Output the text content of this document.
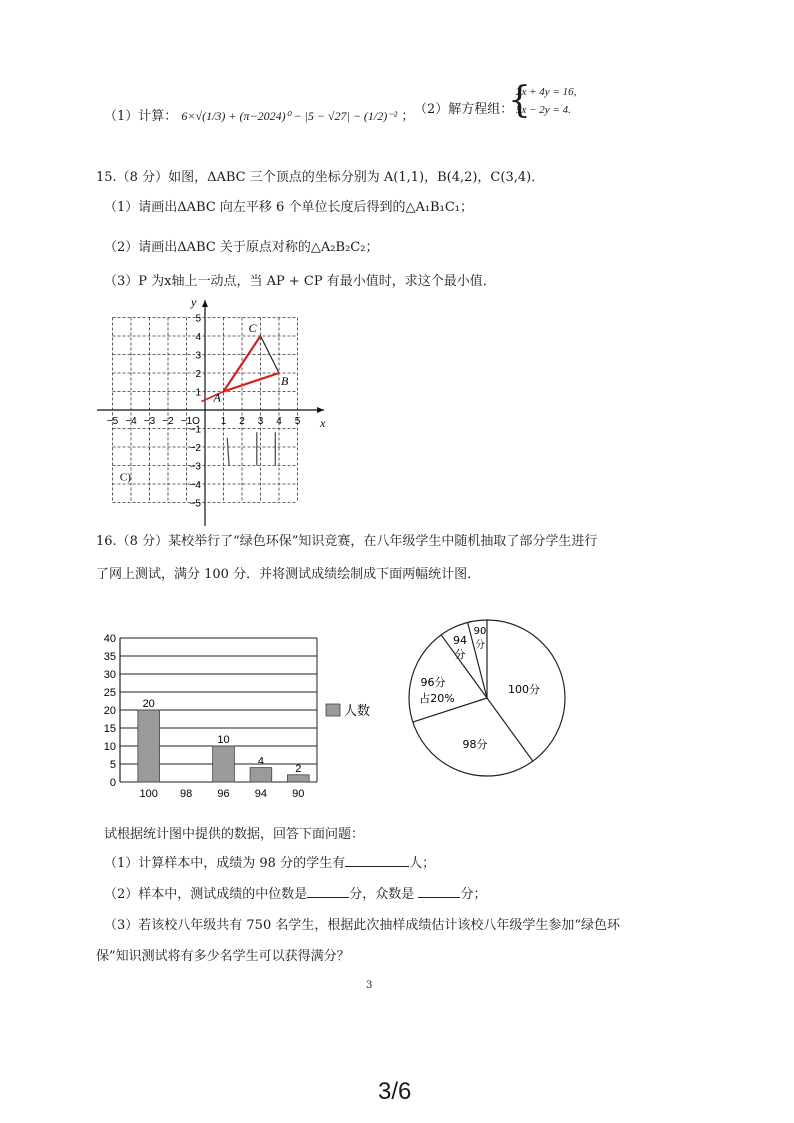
（1）计算： 6×√(1/3) + (π−2024)⁰ − |5 − √27| − (1/2)⁻² ； （2）解方程组：
{
2x + 4y = 16,
5x − 2y = 4.
15.（8 分）如图，ΔABC 三个顶点的坐标分别为 A(1,1)，B(4,2)，C(3,4)．
（1）请画出ΔABC 向左平移 6 个单位长度后得到的△A₁B₁C₁；
（2）请画出ΔABC 关于原点对称的△A₂B₂C₂；
（3）P 为x轴上一动点，当 AP + CP 有最小值时，求这个最小值．
x
y
−5 −4 −3 −2 −1 O 1 2 3 4 5
5
4
3
2
1
−1
−2
−3
−4
−5
A
B
C
C)
16.（8 分）某校举行了“绿色环保”知识竞赛，在八年级学生中随机抽取了部分学生进行
了网上测试，满分 100 分．并将测试成绩绘制成下面两幅统计图．
0
5
10
15
20
25
30
35
40
20
100 98
10
96
4
94
2
90
人数
100分
98分
96分
占20%
94
分
90
分
试根据统计图中提供的数据，回答下面问题：
（1）计算样本中，成绩为 98 分的学生有	人；
（2）样本中，测试成绩的中位数是	分，众数是	分；
（3）若该校八年级共有 750 名学生，根据此次抽样成绩估计该校八年级学生参加“绿色环
保”知识测试将有多少名学生可以获得满分？
3
3/6
